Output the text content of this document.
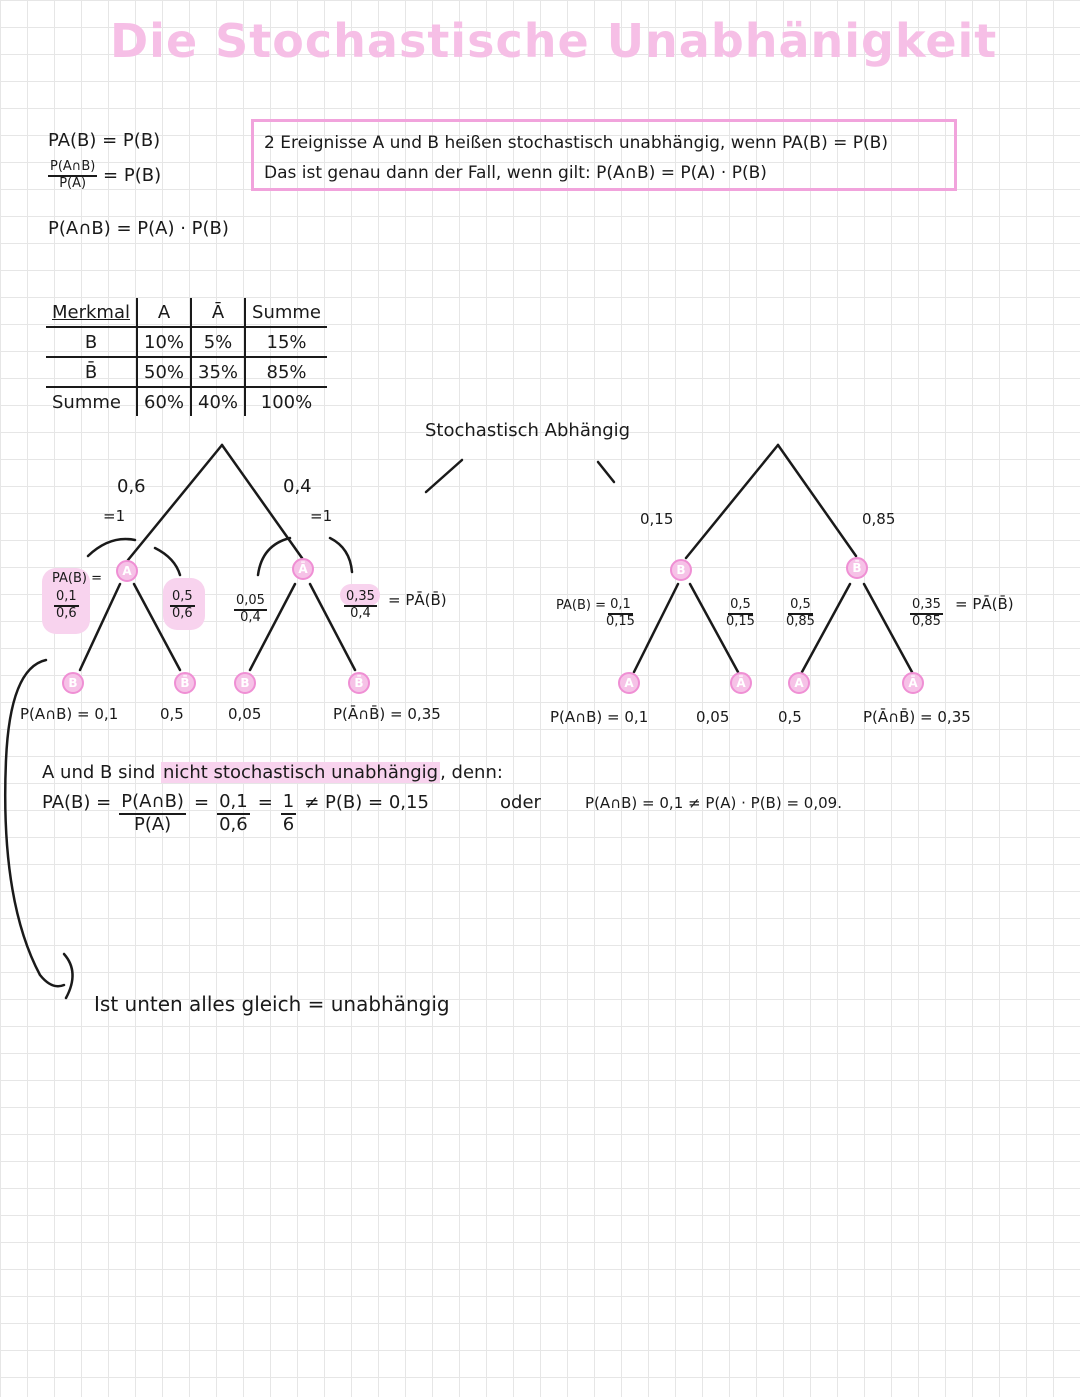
Die Stochastische Unabhänigkeit
PA(B) = P(B)
$\frac{P(A\cap B)}{P(A)} = P(B)$
P(A∩B) = P(A) · P(B)
2 Ereignisse A und B heißen stochastisch unabhängig, wenn PA(B) = P(B)
Das ist genau dann der Fall, wenn gilt: P(A∩B) = P(A) · P(B)
Merkmal	A	Ā	Summe
B	10%	5%	15%
B̄	50%	35%	85%
Summe	60%	40%	100%
Stochastisch Abhängig
0,6	0,4
=1	=1
A	Ā
PA(B) =
$\frac{0,1}{0,6}$	$\frac{0,5}{0,6}$	$\frac{0,05}{0,4}$	$\frac{0,35}{0,4}$ = PĀ(B̄)
B	B̄	B	B̄
P(A∩B) = 0,1	0,5	0,05	P(Ā∩B̄) = 0,35
0,15	0,85
B	B̄
$PA(B) = \frac{0,1}{0,15}$	$\frac{0,5}{0,15} \frac{0,5}{0,85}$	$\frac{0,35}{0,85}$ = PĀ(B̄)
A	Ā	A	Ā
P(A∩B) = 0,1	0,05	0,5	P(Ā∩B̄) = 0,35
A und B sind nicht stochastisch unabhängig , denn:
$PA(B) = \frac{P(A\cap B)}{P(A)} = \frac{0,1}{0,6} = \frac{1}{6} \ne P(B) = 0,15$	oder	P(A∩B) = 0,1 ≠ P(A) · P(B) = 0,09.
Ist unten alles gleich = unabhängig
